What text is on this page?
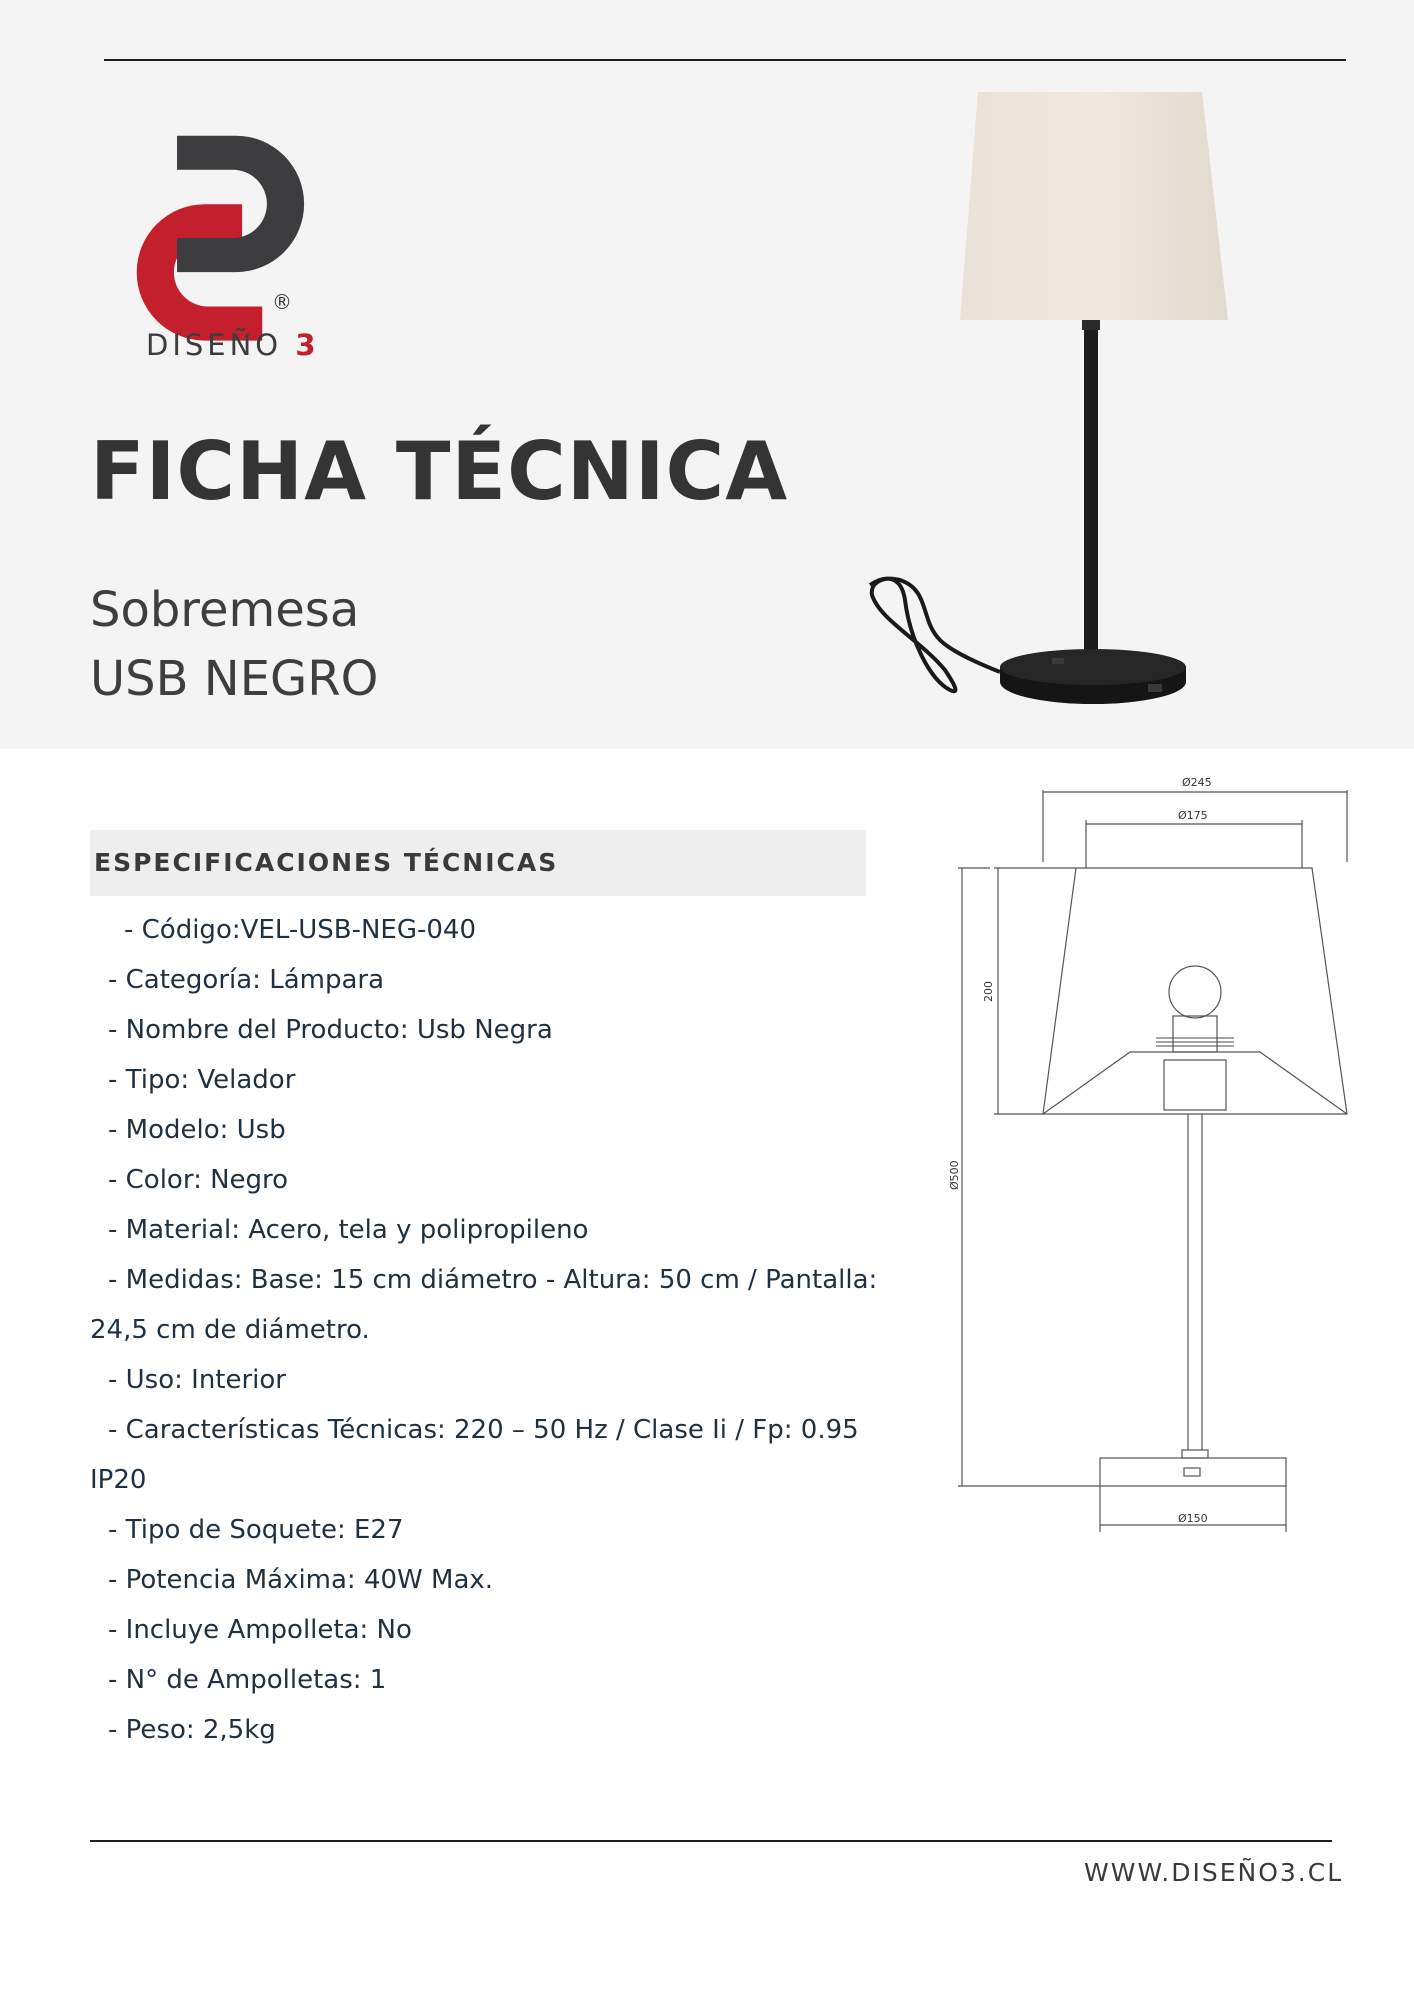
®
DISEÑO 3
FICHA TÉCNICA
Sobremesa
USB NEGRO
ESPECIFICACIONES TÉCNICAS
- Código:VEL-USB-NEG-040
- Categoría: Lámpara
- Nombre del Producto: Usb Negra
- Tipo: Velador
- Modelo: Usb
- Color: Negro
- Material: Acero, tela y polipropileno
- Medidas: Base: 15 cm diámetro - Altura: 50 cm / Pantalla:
24,5 cm de diámetro.
- Uso: Interior
- Características Técnicas: 220 – 50 Hz / Clase Ii / Fp: 0.95
IP20
- Tipo de Soquete: E27
- Potencia Máxima: 40W Max.
- Incluye Ampolleta: No
- N° de Ampolletas: 1
- Peso: 2,5kg
Ø245
Ø175
200
Ø500
Ø150
WWW.DISEÑO3.CL
